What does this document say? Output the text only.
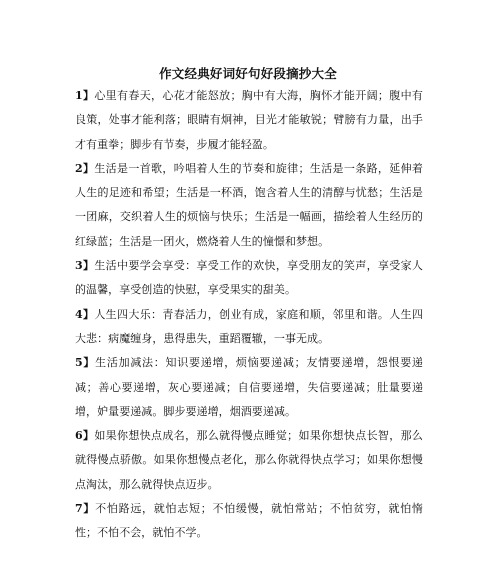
作文经典好词好句好段摘抄大全

1】心里有春天，心花才能怒放；胸中有大海，胸怀才能开阔；腹中有良策，处事才能利落；眼睛有炯神，目光才能敏锐；臂膀有力量，出手才有重拳；脚步有节奏，步履才能轻盈。

2】生活是一首歌，吟唱着人生的节奏和旋律；生活是一条路，延伸着人生的足迹和希望；生活是一杯酒，饱含着人生的清醇与忧愁；生活是一团麻，交织着人生的烦恼与快乐；生活是一幅画，描绘着人生经历的红绿蓝；生活是一团火，燃烧着人生的憧憬和梦想。

3】生活中要学会享受：享受工作的欢快，享受朋友的笑声，享受家人的温馨，享受创造的快慰，享受果实的甜美。

4】人生四大乐：青春活力，创业有成，家庭和顺，邻里和谐。人生四大悲：病魔缠身，患得患失，重蹈覆辙，一事无成。

5】生活加减法：知识要递增，烦恼要递减；友情要递增，怨恨要递减；善心要递增，灰心要递减；自信要递增，失信要递减；肚量要递增，妒量要递减。脚步要递增，烟酒要递减。

6】如果你想快点成名，那么就得慢点睡觉；如果你想快点长智，那么就得慢点骄傲。如果你想慢点老化，那么你就得快点学习；如果你想慢点淘汰，那么就得快点迈步。

7】不怕路远，就怕志短；不怕缓慢，就怕常站；不怕贫穷，就怕惰性；不怕不会，就怕不学。
